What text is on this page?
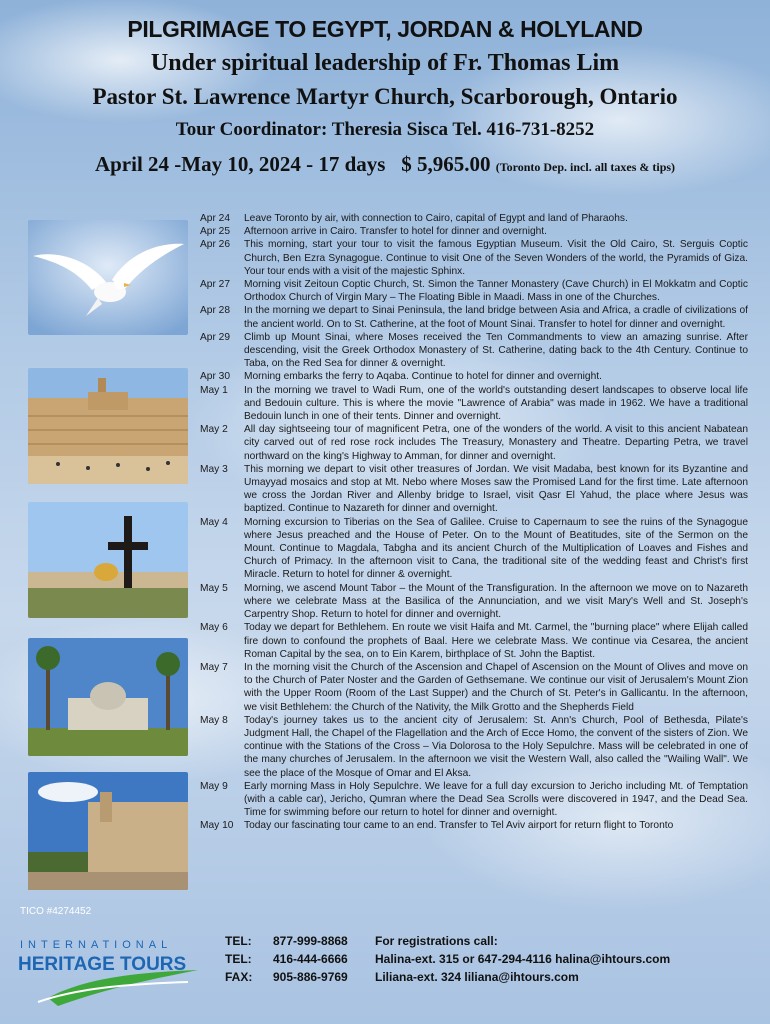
PILGRIMAGE TO EGYPT, JORDAN & HOLYLAND

Under spiritual leadership of Fr. Thomas Lim

Pastor St. Lawrence Martyr Church, Scarborough, Ontario

Tour Coordinator: Theresia Sisca Tel. 416-731-8252

April 24 -May 10, 2024 - 17 days $ 5,965.00 (Toronto Dep. incl. all taxes & tips)

Apr 24	Leave Toronto by air, with connection to Cairo, capital of Egypt and land of Pharaohs.
Apr 25	Afternoon arrive in Cairo. Transfer to hotel for dinner and overnight.
Apr 26	This morning, start your tour to visit the famous Egyptian Museum. Visit the Old Cairo, St. Serguis Coptic Church, Ben Ezra Synagogue. Continue to visit One of the Seven Wonders of the world, the Pyramids of Giza. Your tour ends with a visit of the majestic Sphinx.
Apr 27	Morning visit Zeitoun Coptic Church, St. Simon the Tanner Monastery (Cave Church) in El Mokkatm and Coptic Orthodox Church of Virgin Mary – The Floating Bible in Maadi. Mass in one of the Churches.
Apr 28	In the morning we depart to Sinai Peninsula, the land bridge between Asia and Africa, a cradle of civilizations of the ancient world. On to St. Catherine, at the foot of Mount Sinai. Transfer to hotel for dinner and overnight.
Apr 29	Climb up Mount Sinai, where Moses received the Ten Commandments to view an amazing sunrise. After descending, visit the Greek Orthodox Monastery of St. Catherine, dating back to the 4th Century. Continue to Taba, on the Red Sea for dinner & overnight.
Apr 30	Morning embarks the ferry to Aqaba. Continue to hotel for dinner and overnight.
May 1	In the morning we travel to Wadi Rum, one of the world's outstanding desert landscapes to observe local life and Bedouin culture. This is where the movie "Lawrence of Arabia" was made in 1962. We have a traditional Bedouin lunch in one of their tents. Dinner and overnight.
May 2	All day sightseeing tour of magnificent Petra, one of the wonders of the world. A visit to this ancient Nabatean city carved out of red rose rock includes The Treasury, Monastery and Theatre. Departing Petra, we travel northward on the king's Highway to Amman, for dinner and overnight.
May 3	This morning we depart to visit other treasures of Jordan. We visit Madaba, best known for its Byzantine and Umayyad mosaics and stop at Mt. Nebo where Moses saw the Promised Land for the first time. Late afternoon we cross the Jordan River and Allenby bridge to Israel, visit Qasr El Yahud, the place where Jesus was baptized. Continue to Nazareth for dinner and overnight.
May 4	Morning excursion to Tiberias on the Sea of Galilee. Cruise to Capernaum to see the ruins of the Synagogue where Jesus preached and the House of Peter. On to the Mount of Beatitudes, site of the Sermon on the Mount. Continue to Magdala, Tabgha and its ancient Church of the Multiplication of Loaves and Fishes and Church of Primacy. In the afternoon visit to Cana, the traditional site of the wedding feast and Christ's first Miracle. Return to hotel for dinner & overnight.
May 5	Morning, we ascend Mount Tabor – the Mount of the Transfiguration. In the afternoon we move on to Nazareth where we celebrate Mass at the Basilica of the Annunciation, and we visit Mary's Well and St. Joseph's Carpentry Shop. Return to hotel for dinner and overnight.
May 6	Today we depart for Bethlehem. En route we visit Haifa and Mt. Carmel, the "burning place" where Elijah called fire down to confound the prophets of Baal. Here we celebrate Mass. We continue via Cesarea, the ancient Roman Capital by the sea, on to Ein Karem, birthplace of St. John the Baptist.
May 7	In the morning visit the Church of the Ascension and Chapel of Ascension on the Mount of Olives and move on to the Church of Pater Noster and the Garden of Gethsemane. We continue our visit of Jerusalem's Mount Zion with the Upper Room (Room of the Last Supper) and the Church of St. Peter's in Gallicantu. In the afternoon, we visit Bethlehem: the Church of the Nativity, the Milk Grotto and the Shepherds Field
May 8	Today's journey takes us to the ancient city of Jerusalem: St. Ann's Church, Pool of Bethesda, Pilate's Judgment Hall, the Chapel of the Flagellation and the Arch of Ecce Homo, the convent of the sisters of Zion. We continue with the Stations of the Cross – Via Dolorosa to the Holy Sepulchre. Mass will be celebrated in one of the many churches of Jerusalem. In the afternoon we visit the Western Wall, also called the "Wailing Wall". We see the place of the Mosque of Omar and El Aksa.
May 9	Early morning Mass in Holy Sepulchre. We leave for a full day excursion to Jericho including Mt. of Temptation (with a cable car), Jericho, Qumran where the Dead Sea Scrolls were discovered in 1947, and the Dead Sea. Time for swimming before our return to hotel for dinner and overnight.
May 10	Today our fascinating tour came to an end. Transfer to Tel Aviv airport for return flight to Toronto
TICO #4274452
INTERNATIONAL
HERITAGE TOURS
TEL:	877-999-8868	For registrations call:
TEL:	416-444-6666	Halina-ext. 315 or 647-294-4116 halina@ihtours.com
FAX:	905-886-9769	Liliana-ext. 324 liliana@ihtours.com
